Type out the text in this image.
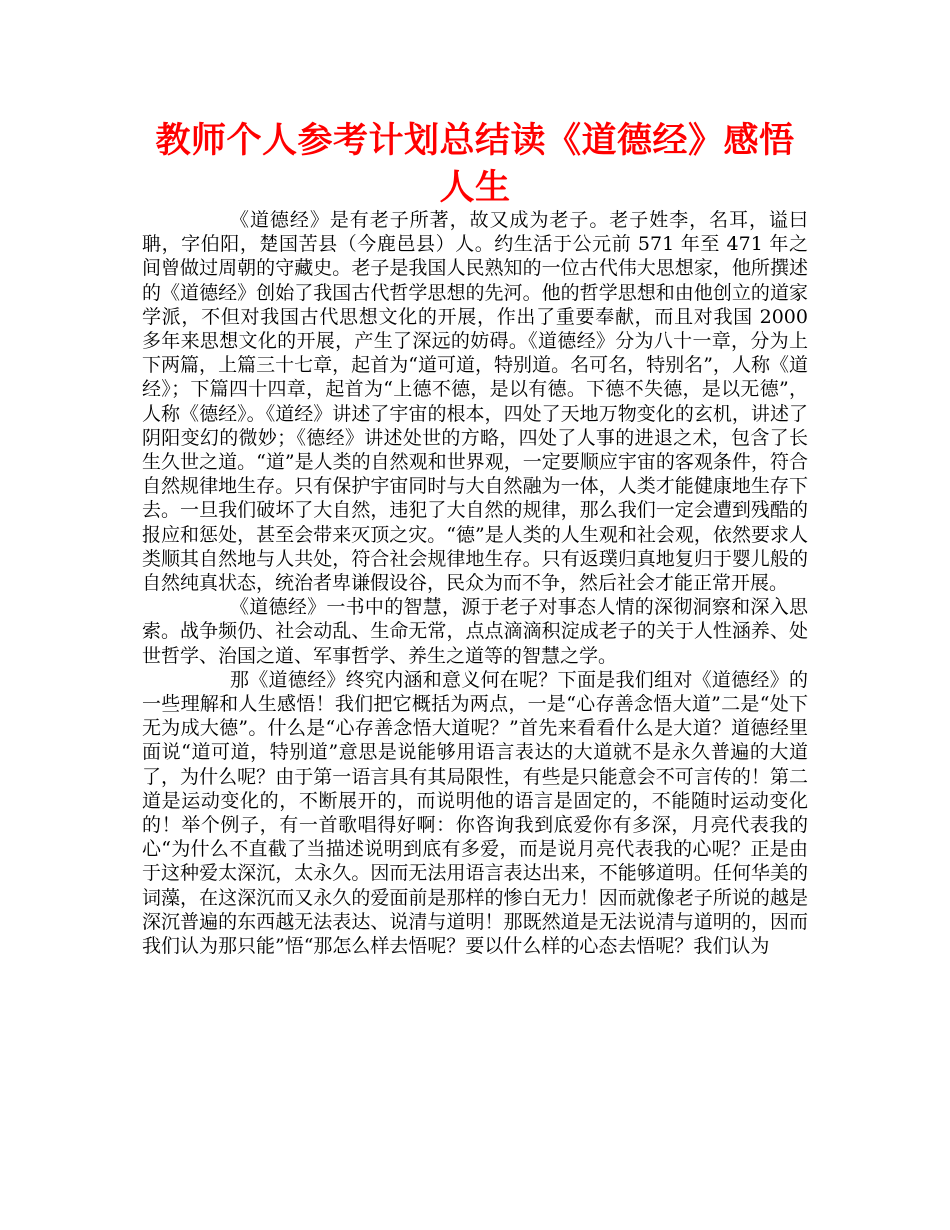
教师个人参考计划总结读《道德经》感悟人生

《道德经》是有老子所著，故又成为老子。老子姓李，名耳，谥曰聃，字伯阳，楚国苦县（今鹿邑县）人。约生活于公元前 571 年至 471 年之间曾做过周朝的守藏史。老子是我国人民熟知的一位古代伟大思想家，他所撰述的《道德经》创始了我国古代哲学思想的先河。他的哲学思想和由他创立的道家学派，不但对我国古代思想文化的开展，作出了重要奉献，而且对我国 2000 多年来思想文化的开展，产生了深远的妨碍。《道德经》分为八十一章，分为上下两篇，上篇三十七章，起首为“道可道，特别道。名可名，特别名”，人称《道经》；下篇四十四章，起首为“上德不德，是以有德。下德不失德，是以无德”， 人称《德经》。《道经》讲述了宇宙的根本，四处了天地万物变化的玄机，讲述了阴阳变幻的微妙；《德经》讲述处世的方略，四处了人事的进退之术，包含了长生久世之道。“道”是人类的自然观和世界观，一定要顺应宇宙的客观条件，符合自然规律地生存。只有保护宇宙同时与大自然融为一体，人类才能健康地生存下去。一旦我们破坏了大自然，违犯了大自然的规律，那么我们一定会遭到残酷的报应和惩处，甚至会带来灭顶之灾。“德”是人类的人生观和社会观，依然要求人类顺其自然地与人共处，符合社会规律地生存。只有返璞归真地复归于婴儿般的自然纯真状态，统治者卑谦假设谷，民众为而不争，然后社会才能正常开展。

《道德经》一书中的智慧，源于老子对事态人情的深彻洞察和深入思索。战争频仍、社会动乱、生命无常，点点滴滴积淀成老子的关于人性涵养、处世哲学、治国之道、军事哲学、养生之道等的智慧之学。

那《道德经》终究内涵和意义何在呢？下面是我们组对《道德经》的一些理解和人生感悟！我们把它概括为两点，一是“心存善念悟大道”二是“处下无为成大德”。什么是“心存善念悟大道呢？”首先来看看什么是大道？道德经里面说“道可道，特别道”意思是说能够用语言表达的大道就不是永久普遍的大道了，为什么呢？由于第一语言具有其局限性，有些是只能意会不可言传的！第二道是运动变化的，不断展开的，而说明他的语言是固定的，不能随时运动变化的！举个例子，有一首歌唱得好啊：你咨询我到底爱你有多深，月亮代表我的心“为什么不直截了当描述说明到底有多爱，而是说月亮代表我的心呢？正是由于这种爱太深沉，太永久。因而无法用语言表达出来，不能够道明。任何华美的词藻，在这深沉而又永久的爱面前是那样的惨白无力！因而就像老子所说的越是深沉普遍的东西越无法表达、说清与道明！那既然道是无法说清与道明的，因而我们认为那只能”悟“那怎么样去悟呢？要以什么样的心态去悟呢？我们认为
